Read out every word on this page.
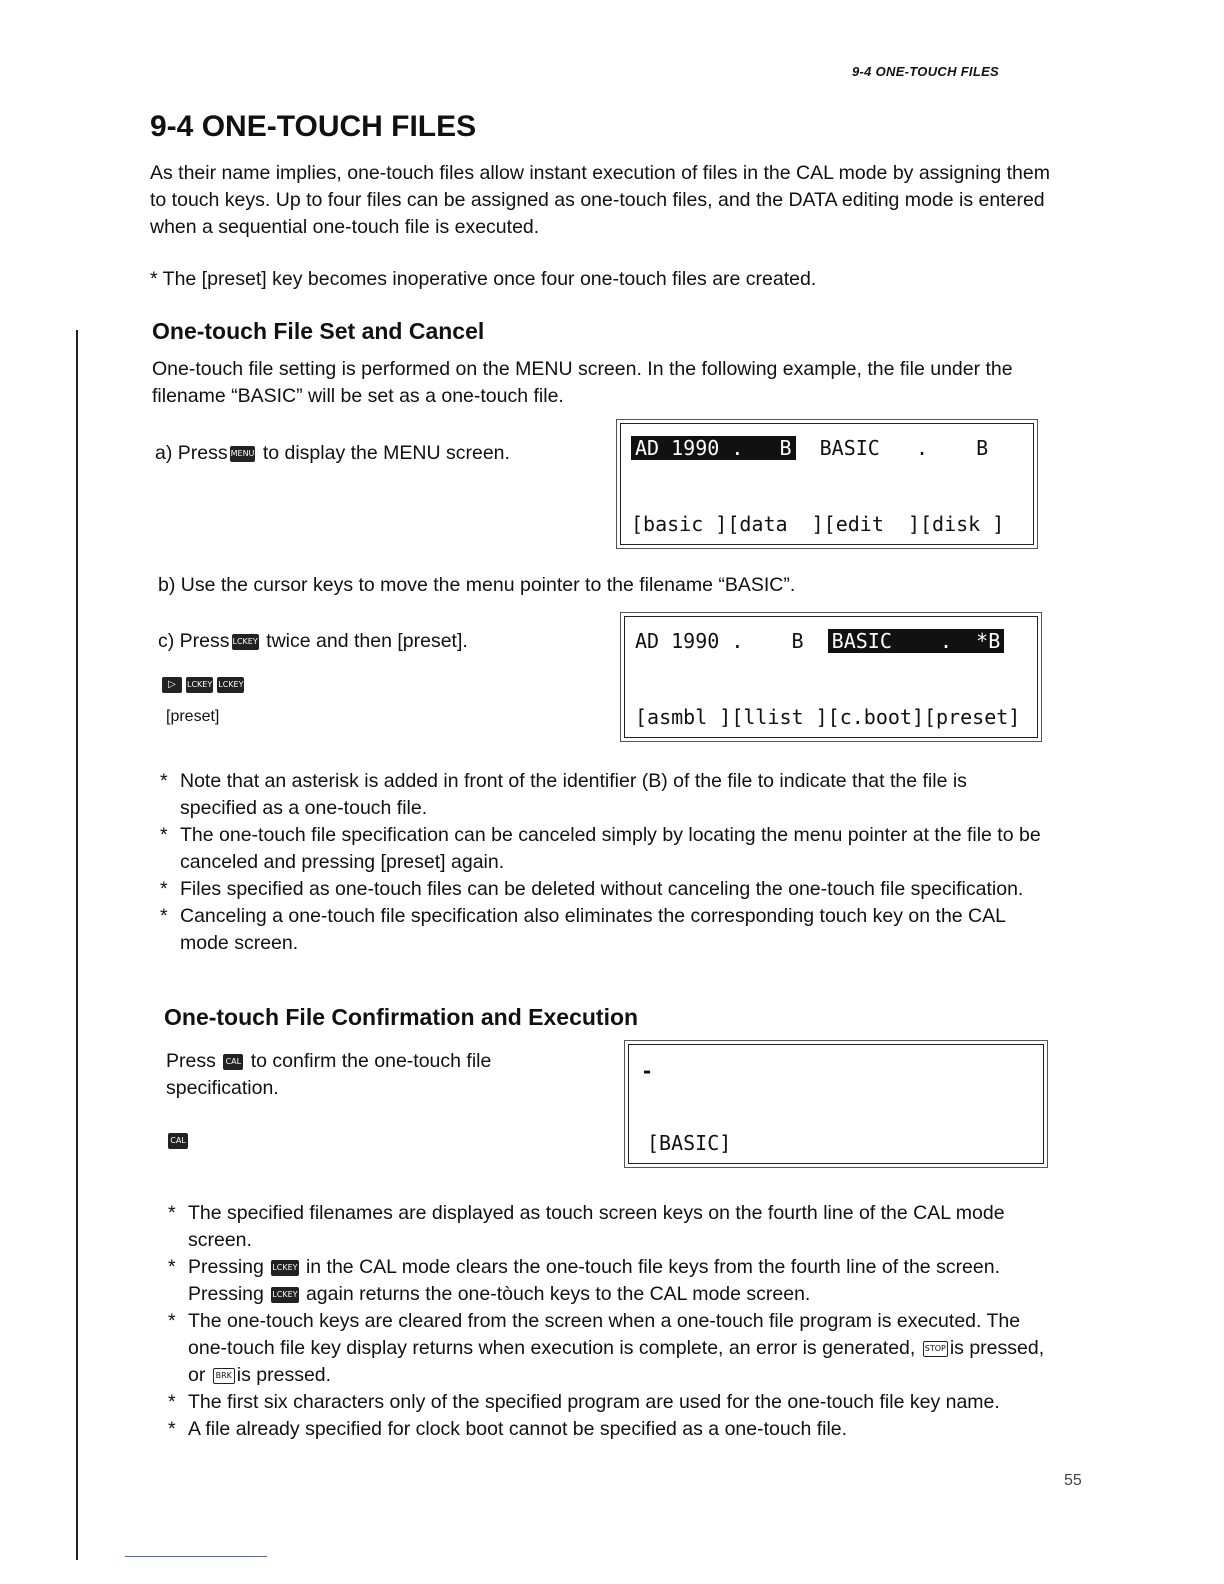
9-4 ONE-TOUCH FILES
9-4 ONE-TOUCH FILES
As their name implies, one-touch files allow instant execution of files in the CAL mode by assigning them to touch keys. Up to four files can be assigned as one-touch files, and the DATA editing mode is entered when a sequential one-touch file is executed.
* The [preset] key becomes inoperative once four one-touch files are created.
One-touch File Set and Cancel
One-touch file setting is performed on the MENU screen. In the following example, the file under the filename “BASIC” will be set as a one-touch file.
a) Press MENU to display the MENU screen.	AD 1990 .   B  BASIC   .    B
[basic ][data  ][edit  ][disk ]
b) Use the cursor keys to move the menu pointer to the filename “BASIC”.
c) Press LCKEY twice and then [preset].
▷ LCKEY LCKEY
[preset]
AD 1990 .    B  BASIC    .  *B
[asmbl ][llist ][c.boot][preset]
* Note that an asterisk is added in front of the identifier (B) of the file to indicate that the file is specified as a one-touch file.
* The one-touch file specification can be canceled simply by locating the menu pointer at the file to be canceled and pressing [preset] again.
* Files specified as one-touch files can be deleted without canceling the one-touch file specification.
* Canceling a one-touch file specification also eliminates the corresponding touch key on the CAL mode screen.
One-touch File Confirmation and Execution
Press CAL to confirm the one-touch file specification.
CAL
-
[BASIC]
* The specified filenames are displayed as touch screen keys on the fourth line of the CAL mode screen.
* Pressing LCKEY in the CAL mode clears the one-touch file keys from the fourth line of the screen.
Pressing LCKEY again returns the one-tòuch keys to the CAL mode screen.
* The one-touch keys are cleared from the screen when a one-touch file program is executed. The one-touch file key display returns when execution is complete, an error is generated, STOP is pressed, or BRK is pressed.
* The first six characters only of the specified program are used for the one-touch file key name.
* A file already specified for clock boot cannot be specified as a one-touch file.
55
